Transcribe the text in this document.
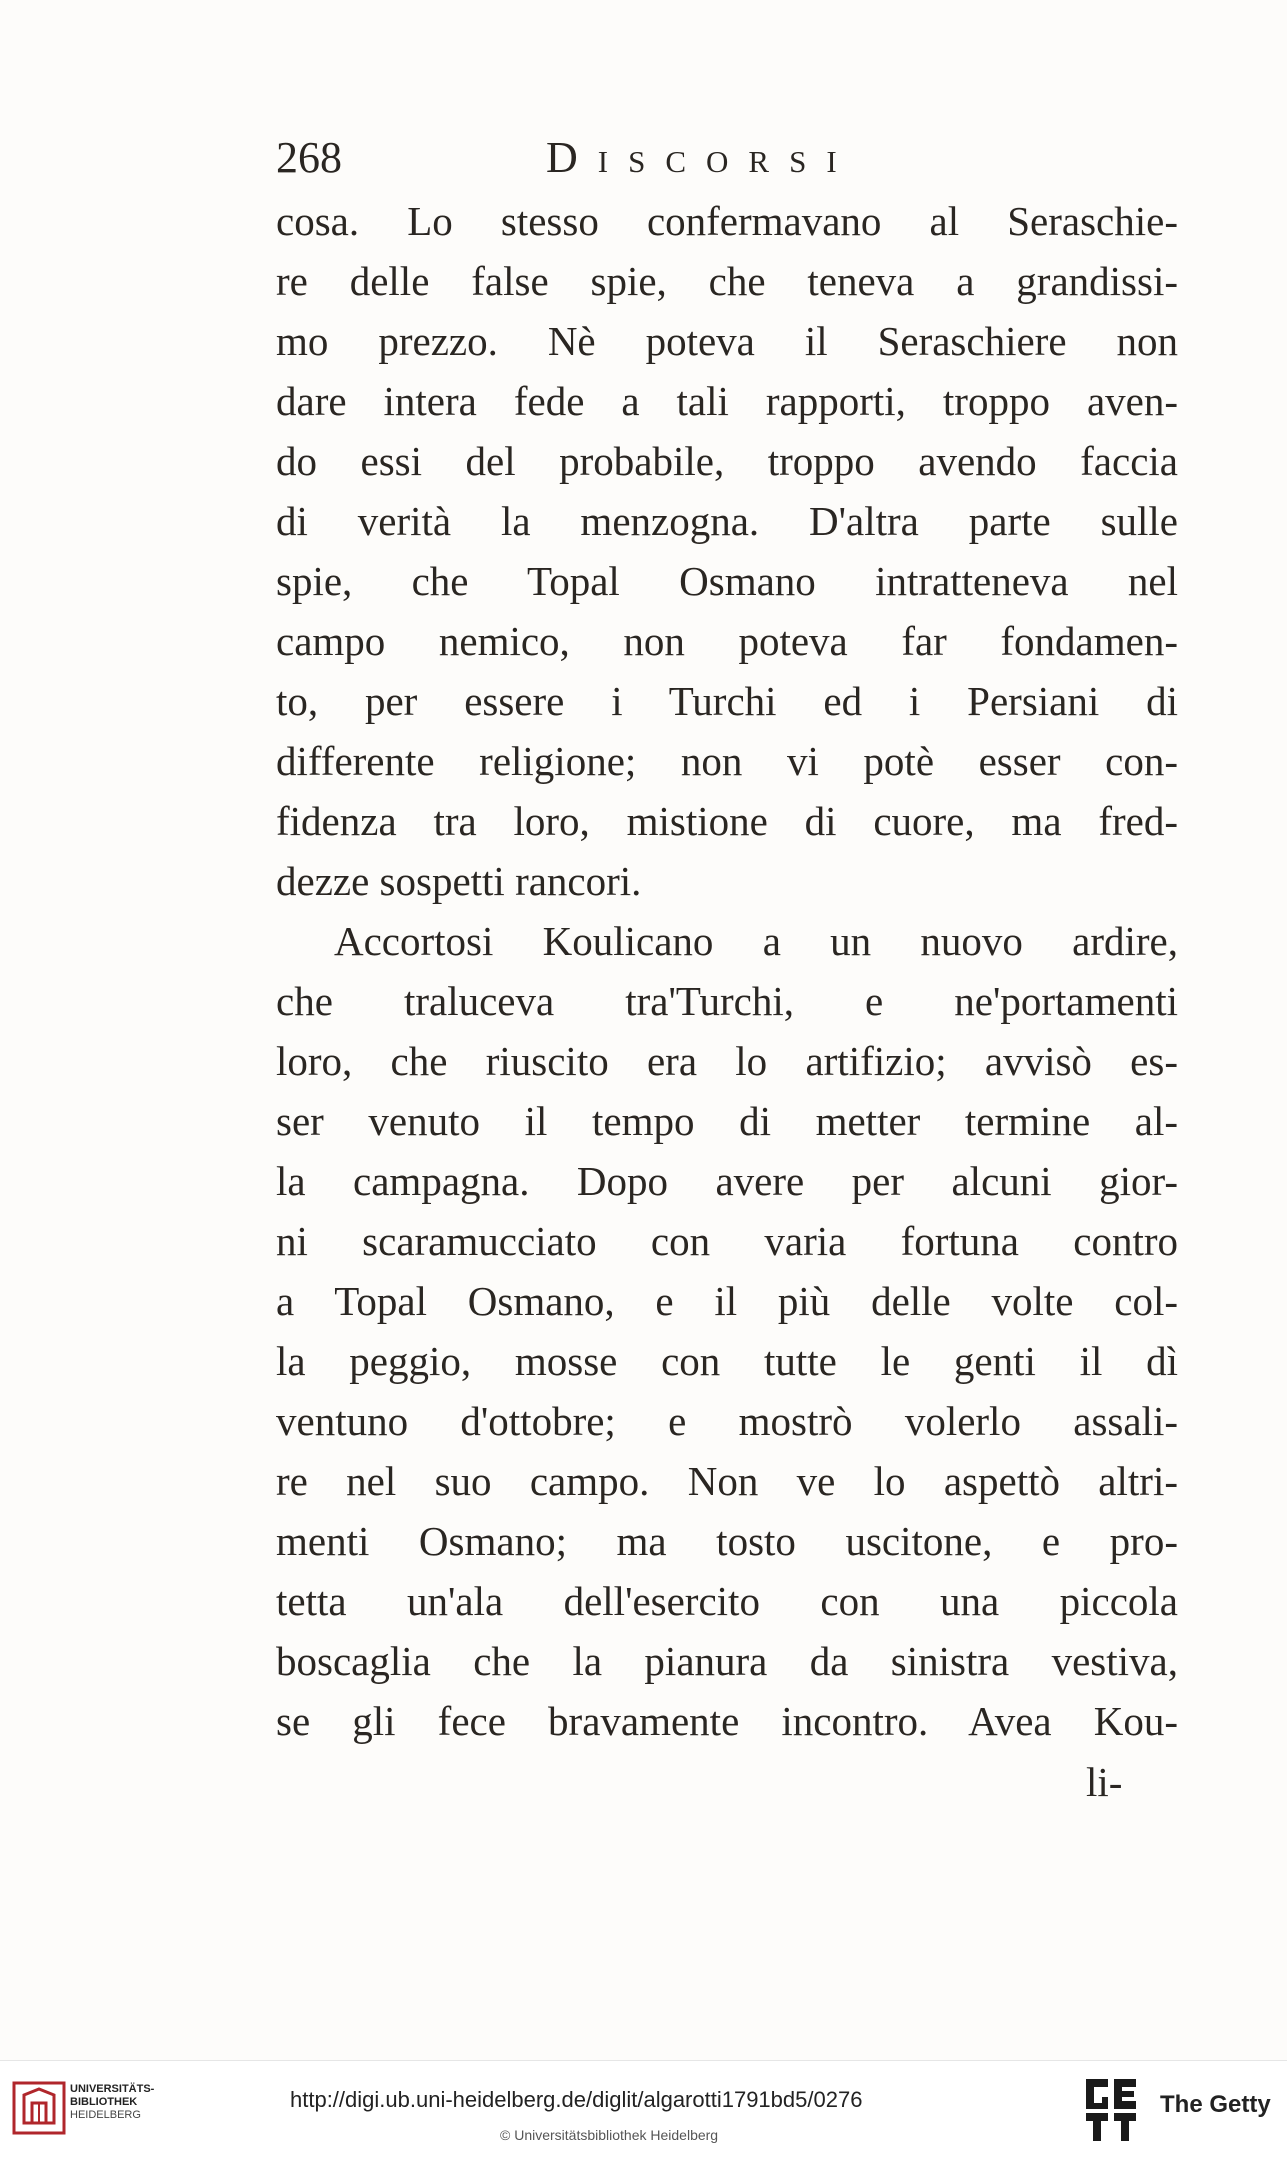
268	Discorsi
cosa. Lo stesso confermavano al Seraschie-
re delle false spie, che teneva a grandissi-
mo prezzo. Nè poteva il Seraschiere non
dare intera fede a tali rapporti, troppo aven-
do essi del probabile, troppo avendo faccia
di verità la menzogna. D'altra parte sulle
spie, che Topal Osmano intratteneva nel
campo nemico, non poteva far fondamen-
to, per essere i Turchi ed i Persiani di
differente religione; non vi potè esser con-
fidenza tra loro, mistione di cuore, ma fred-
dezze sospetti rancori.
Accortosi Koulicano a un nuovo ardire,
che traluceva tra'Turchi, e ne'portamenti
loro, che riuscito era lo artifizio; avvisò es-
ser venuto il tempo di metter termine al-
la campagna. Dopo avere per alcuni gior-
ni scaramucciato con varia fortuna contro
a Topal Osmano, e il più delle volte col-
la peggio, mosse con tutte le genti il dì
ventuno d'ottobre; e mostrò volerlo assali-
re nel suo campo. Non ve lo aspettò altri-
menti Osmano; ma tosto uscitone, e pro-
tetta un'ala dell'esercito con una piccola
boscaglia che la pianura da sinistra vestiva,
se gli fece bravamente incontro. Avea Kou-
li-
UNIVERSITÄTS-
BIBLIOTHEK
HEIDELBERG
http://digi.ub.uni-heidelberg.de/diglit/algarotti1791bd5/0276
© Universitätsbibliothek Heidelberg
The Getty
